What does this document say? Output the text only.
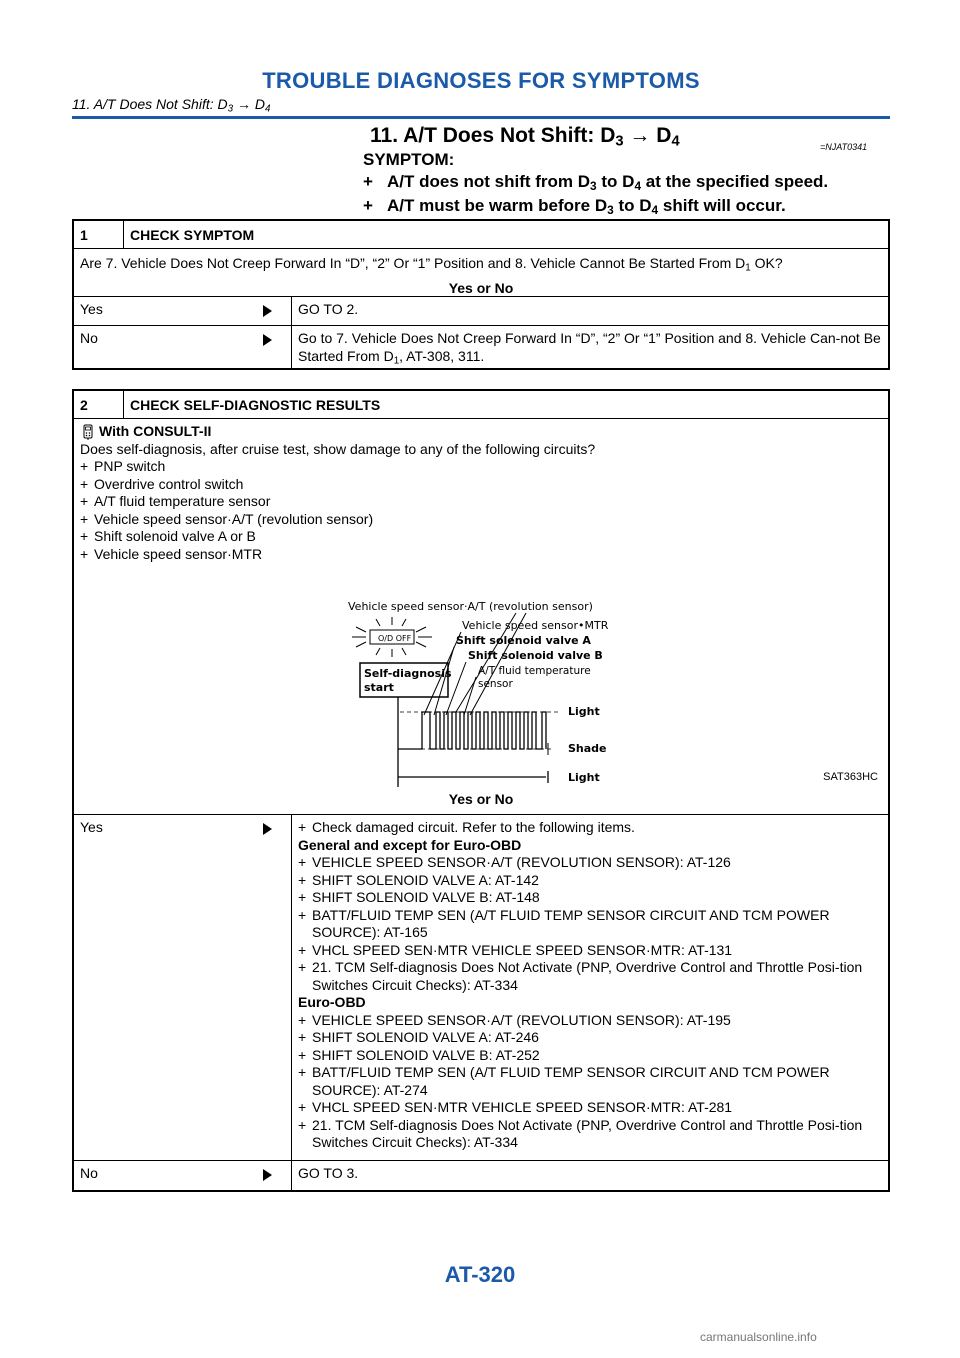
TROUBLE DIAGNOSES FOR SYMPTOMS
11. A/T Does Not Shift: $D_3 \to D_4$
11. A/T Does Not Shift: $D_3 \to D_4$	=NJAT0341
SYMPTOM:
+ A/T does not shift from $D_3$ to $D_4$ at the specified speed.
+ A/T must be warm before $D_3$ to $D_4$ shift will occur.
1	CHECK SYMPTOM
Are 7. Vehicle Does Not Creep Forward In “D”, “2” Or “1” Position and 8. Vehicle Cannot Be Started From $D_1$ OK?
Yes or No
Yes	GO TO 2.
No	Go to 7. Vehicle Does Not Creep Forward In “D”, “2” Or “1” Position and 8. Vehicle Can-not Be Started From $D_1$, AT-308, 311.
2	CHECK SELF-DIAGNOSTIC RESULTS
With CONSULT-II
Does self-diagnosis, after cruise test, show damage to any of the following circuits?
+ PNP switch
+ Overdrive control switch
+ A/T fluid temperature sensor
+ Vehicle speed sensor·A/T (revolution sensor)
+ Shift solenoid valve A or B
+ Vehicle speed sensor·MTR
Vehicle speed sensor·A/T (revolution sensor)
Vehicle speed sensor•MTR
Shift solenoid valve A
Shift solenoid valve B
A/T fluid temperature
sensor
O/D OFF
Self-diagnosis
start
Light
Shade
Light	SAT363HC
Yes or No
Yes	+ Check damaged circuit. Refer to the following items.
General and except for Euro-OBD
+ VEHICLE SPEED SENSOR·A/T (REVOLUTION SENSOR): AT-126
+ SHIFT SOLENOID VALVE A: AT-142
+ SHIFT SOLENOID VALVE B: AT-148
+ BATT/FLUID TEMP SEN (A/T FLUID TEMP SENSOR CIRCUIT AND TCM POWER SOURCE): AT-165
+ VHCL SPEED SEN·MTR VEHICLE SPEED SENSOR·MTR: AT-131
+ 21. TCM Self-diagnosis Does Not Activate (PNP, Overdrive Control and Throttle Posi-tion Switches Circuit Checks): AT-334
Euro-OBD
+ VEHICLE SPEED SENSOR·A/T (REVOLUTION SENSOR): AT-195
+ SHIFT SOLENOID VALVE A: AT-246
+ SHIFT SOLENOID VALVE B: AT-252
+ BATT/FLUID TEMP SEN (A/T FLUID TEMP SENSOR CIRCUIT AND TCM POWER SOURCE): AT-274
+ VHCL SPEED SEN·MTR VEHICLE SPEED SENSOR·MTR: AT-281
+ 21. TCM Self-diagnosis Does Not Activate (PNP, Overdrive Control and Throttle Posi-tion Switches Circuit Checks): AT-334
No	GO TO 3.
AT-320
carmanualsonline.info
